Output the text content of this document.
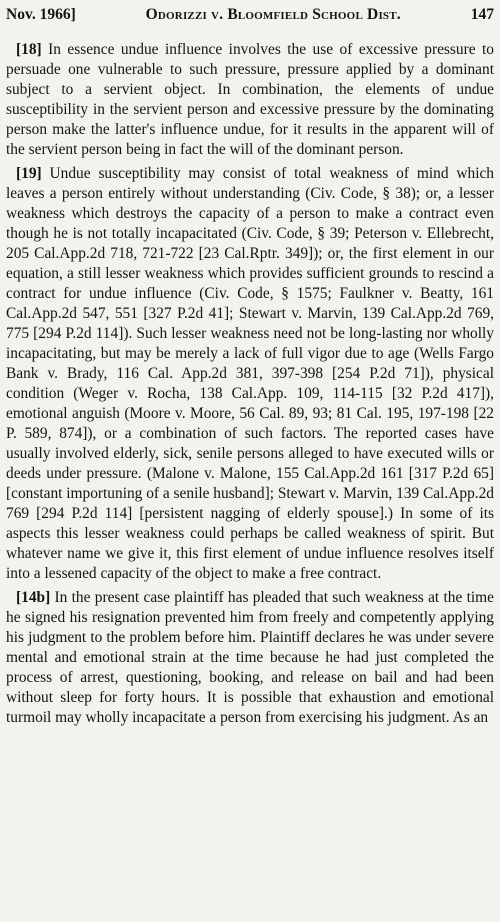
Nov. 1966]	Odorizzi v. Bloomfield School Dist.	147

[18] In essence undue influence involves the use of excessive pressure to persuade one vulnerable to such pressure, pressure applied by a dominant subject to a servient object. In combination, the elements of undue susceptibility in the servient person and excessive pressure by the dominating person make the latter's influence undue, for it results in the apparent will of the servient person being in fact the will of the dominant person.

[19] Undue susceptibility may consist of total weakness of mind which leaves a person entirely without understanding (Civ. Code, § 38); or, a lesser weakness which destroys the capacity of a person to make a contract even though he is not totally incapacitated (Civ. Code, § 39; Peterson v. Ellebrecht, 205 Cal.App.2d 718, 721-722 [23 Cal.Rptr. 349]); or, the first element in our equation, a still lesser weakness which provides sufficient grounds to rescind a contract for undue influence (Civ. Code, § 1575; Faulkner v. Beatty, 161 Cal.App.2d 547, 551 [327 P.2d 41]; Stewart v. Marvin, 139 Cal.App.2d 769, 775 [294 P.2d 114]). Such lesser weakness need not be long-lasting nor wholly incapacitating, but may be merely a lack of full vigor due to age (Wells Fargo Bank v. Brady, 116 Cal. App.2d 381, 397-398 [254 P.2d 71]), physical condition (Weger v. Rocha, 138 Cal.App. 109, 114-115 [32 P.2d 417]), emotional anguish (Moore v. Moore, 56 Cal. 89, 93; 81 Cal. 195, 197-198 [22 P. 589, 874]), or a combination of such factors. The reported cases have usually involved elderly, sick, senile persons alleged to have executed wills or deeds under pressure. (Malone v. Malone, 155 Cal.App.2d 161 [317 P.2d 65] [constant importuning of a senile husband]; Stewart v. Marvin, 139 Cal.App.2d 769 [294 P.2d 114] [persistent nagging of elderly spouse].) In some of its aspects this lesser weakness could perhaps be called weakness of spirit. But whatever name we give it, this first element of undue influence resolves itself into a lessened capacity of the object to make a free contract.

[14b] In the present case plaintiff has pleaded that such weakness at the time he signed his resignation prevented him from freely and competently applying his judgment to the problem before him. Plaintiff declares he was under severe mental and emotional strain at the time because he had just completed the process of arrest, questioning, booking, and release on bail and had been without sleep for forty hours. It is possible that exhaustion and emotional turmoil may wholly incapacitate a person from exercising his judgment. As an
